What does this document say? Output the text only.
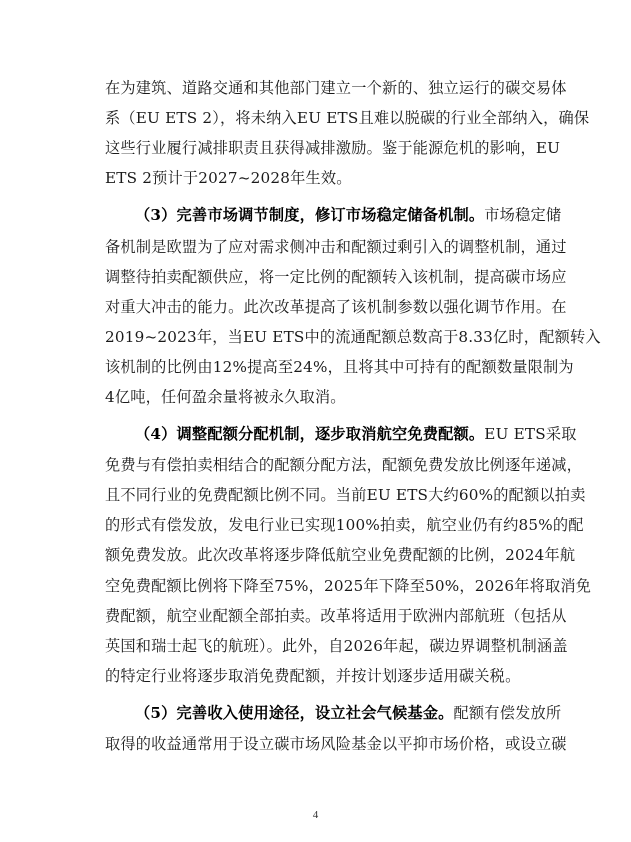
在为建筑、道路交通和其他部门建立一个新的、独立运行的碳交易体
系（EU ETS 2），将未纳入EU ETS且难以脱碳的行业全部纳入，确保
这些行业履行减排职责且获得减排激励。鉴于能源危机的影响，EU
ETS 2预计于2027~2028年生效。
（3）完善市场调节制度，修订市场稳定储备机制。市场稳定储
备机制是欧盟为了应对需求侧冲击和配额过剩引入的调整机制，通过
调整待拍卖配额供应，将一定比例的配额转入该机制，提高碳市场应
对重大冲击的能力。此次改革提高了该机制参数以强化调节作用。在
2019~2023年，当EU ETS中的流通配额总数高于8.33亿时，配额转入
该机制的比例由12%提高至24%，且将其中可持有的配额数量限制为
4亿吨，任何盈余量将被永久取消。
（4）调整配额分配机制，逐步取消航空免费配额。EU ETS采取
免费与有偿拍卖相结合的配额分配方法，配额免费发放比例逐年递减，
且不同行业的免费配额比例不同。当前EU ETS大约60%的配额以拍卖
的形式有偿发放，发电行业已实现100%拍卖，航空业仍有约85%的配
额免费发放。此次改革将逐步降低航空业免费配额的比例，2024年航
空免费配额比例将下降至75%，2025年下降至50%，2026年将取消免
费配额，航空业配额全部拍卖。改革将适用于欧洲内部航班（包括从
英国和瑞士起飞的航班）。此外，自2026年起，碳边界调整机制涵盖
的特定行业将逐步取消免费配额，并按计划逐步适用碳关税。
（5）完善收入使用途径，设立社会气候基金。配额有偿发放所
取得的收益通常用于设立碳市场风险基金以平抑市场价格，或设立碳
4
